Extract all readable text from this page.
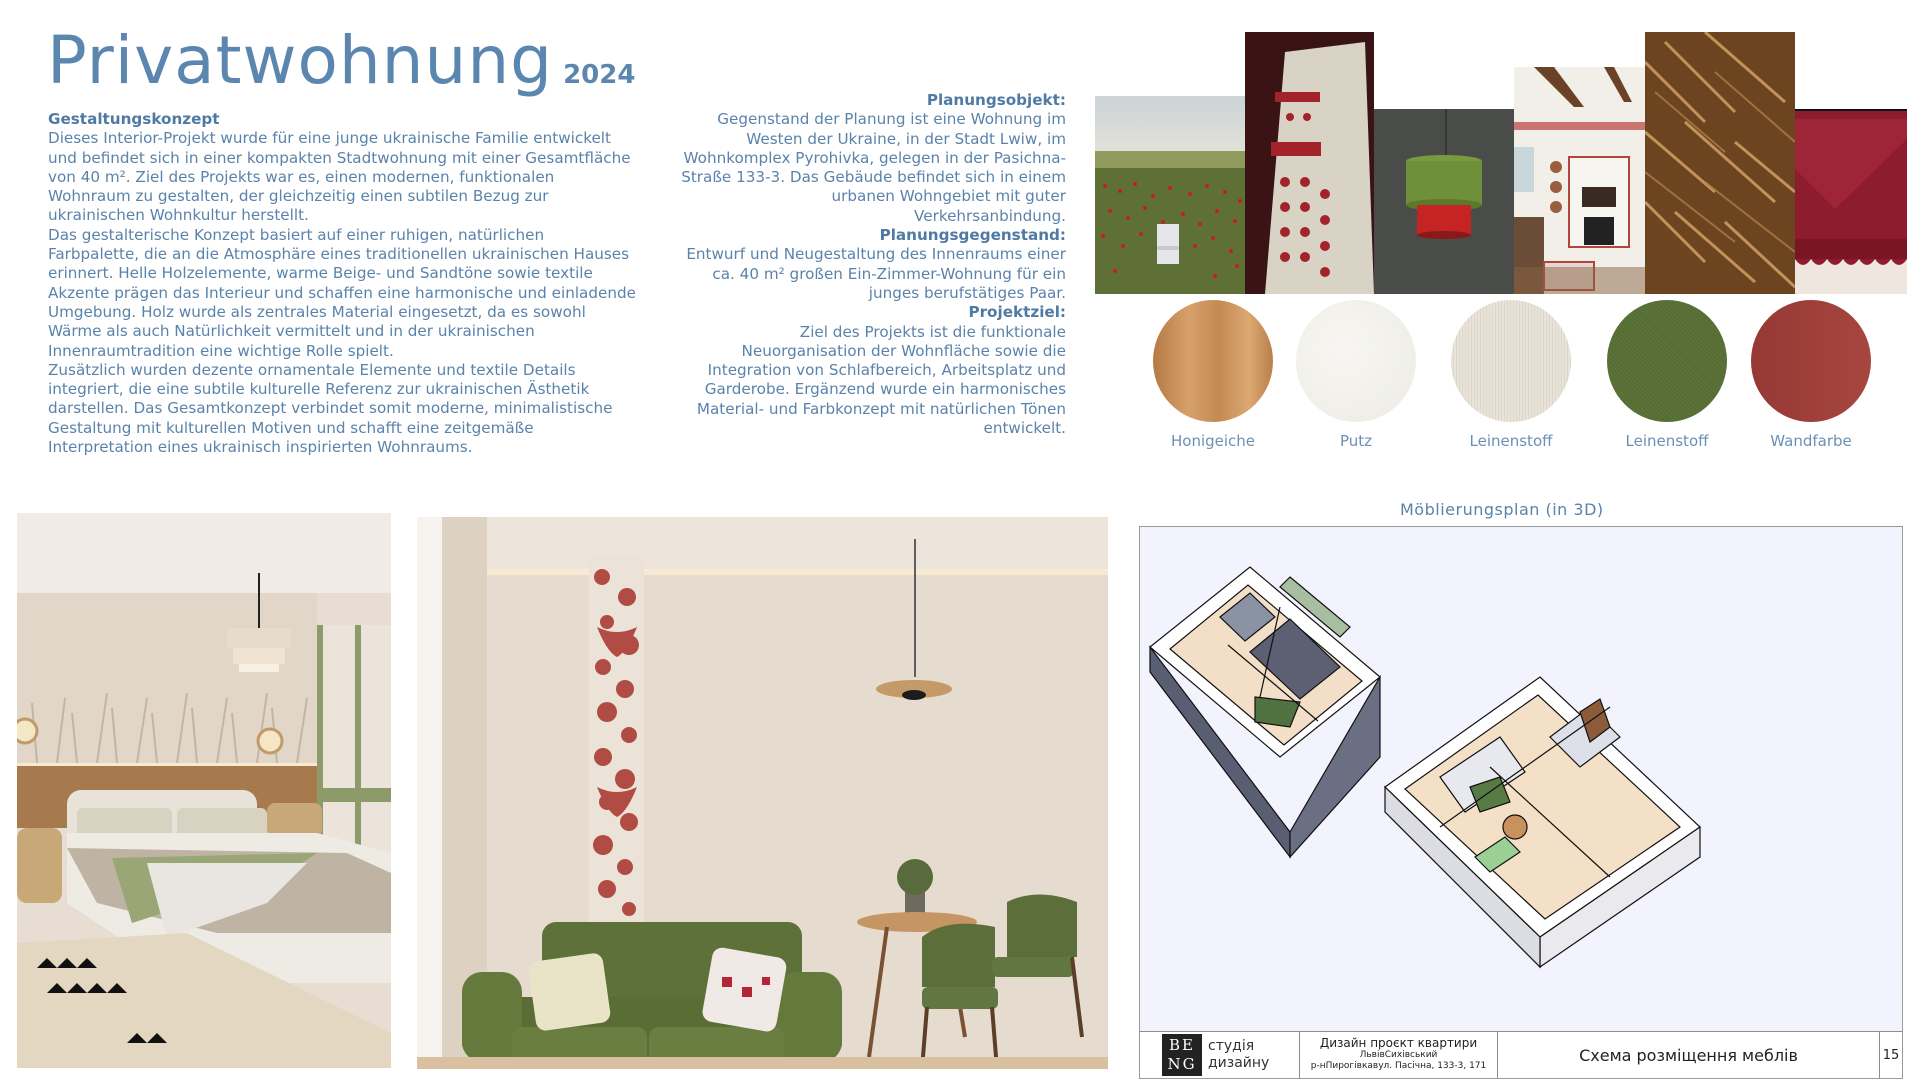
Privatwohnung 2024
Gestaltungskonzept

Dieses Interior-Projekt wurde für eine junge ukrainische Familie entwickelt und befindet sich in einer kompakten Stadtwohnung mit einer Gesamtfläche von 40 m². Ziel des Projekts war es, einen modernen, funktionalen Wohnraum zu gestalten, der gleichzeitig einen subtilen Bezug zur ukrainischen Wohnkultur herstellt.

Das gestalterische Konzept basiert auf einer ruhigen, natürlichen Farbpalette, die an die Atmosphäre eines traditionellen ukrainischen Hauses erinnert. Helle Holzelemente, warme Beige- und Sandtöne sowie textile Akzente prägen das Interieur und schaffen eine harmonische und einladende Umgebung. Holz wurde als zentrales Material eingesetzt, da es sowohl Wärme als auch Natürlichkeit vermittelt und in der ukrainischen Innenraumtradition eine wichtige Rolle spielt.

Zusätzlich wurden dezente ornamentale Elemente und textile Details integriert, die eine subtile kulturelle Referenz zur ukrainischen Ästhetik darstellen. Das Gesamtkonzept verbindet somit moderne, minimalistische Gestaltung mit kulturellen Motiven und schafft eine zeitgemäße Interpretation eines ukrainisch inspirierten Wohnraums.

Planungsobjekt:

Gegenstand der Planung ist eine Wohnung im Westen der Ukraine, in der Stadt Lwiw, im Wohnkomplex Pyrohivka, gelegen in der Pasichna-Straße 133-3. Das Gebäude befindet sich in einem urbanen Wohngebiet mit guter Verkehrsanbindung.

Planungsgegenstand:

Entwurf und Neugestaltung des Innenraums einer ca. 40 m² großen Ein-Zimmer-Wohnung für ein junges berufstätiges Paar.

Projektziel:

Ziel des Projekts ist die funktionale Neuorganisation der Wohnfläche sowie die Integration von Schlafbereich, Arbeitsplatz und Garderobe. Ergänzend wurde ein harmonisches Material- und Farbkonzept mit natürlichen Tönen entwickelt.

Honigeiche	Putz	Leinenstoff	Leinenstoff	Wandfarbe
Möblierungsplan (in 3D)
BE
NG
студія
дизайну
Дизайн проєкт квартири
ЛьвівСихівський
р-нПирогівкавул. Пасічна, 133-3, 171
Схема розміщення меблів	15
